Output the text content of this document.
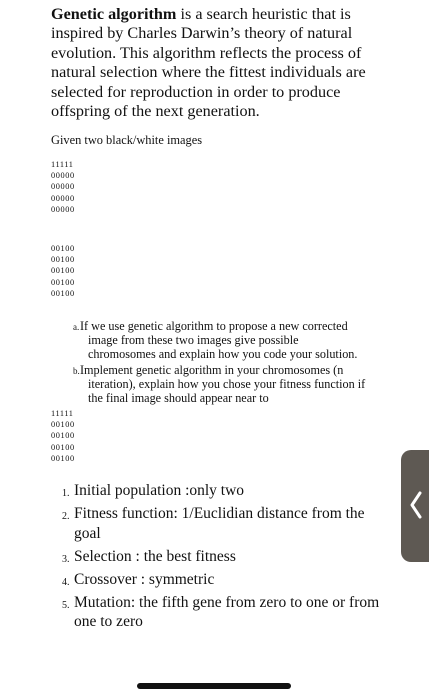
Genetic algorithm is a search heuristic that is inspired by Charles Darwin’s theory of natural evolution. This algorithm reflects the process of natural selection where the fittest individuals are selected for reproduction in order to produce offspring of the next generation.
Given two black/white images
11111
00000
00000
00000
00000
00100
00100
00100
00100
00100
a. If we use genetic algorithm to propose a new corrected
image from these two images give possible
chromosomes and explain how you code your solution.
b. Implement genetic algorithm in your chromosomes (n
iteration), explain how you chose your fitness function if
the final image should appear near to
11111
00100
00100
00100
00100
1. Initial population :only two
2. Fitness function: 1/Euclidian distance from the goal
3. Selection : the best fitness
4. Crossover : symmetric
5. Mutation: the fifth gene from zero to one or from one to zero
